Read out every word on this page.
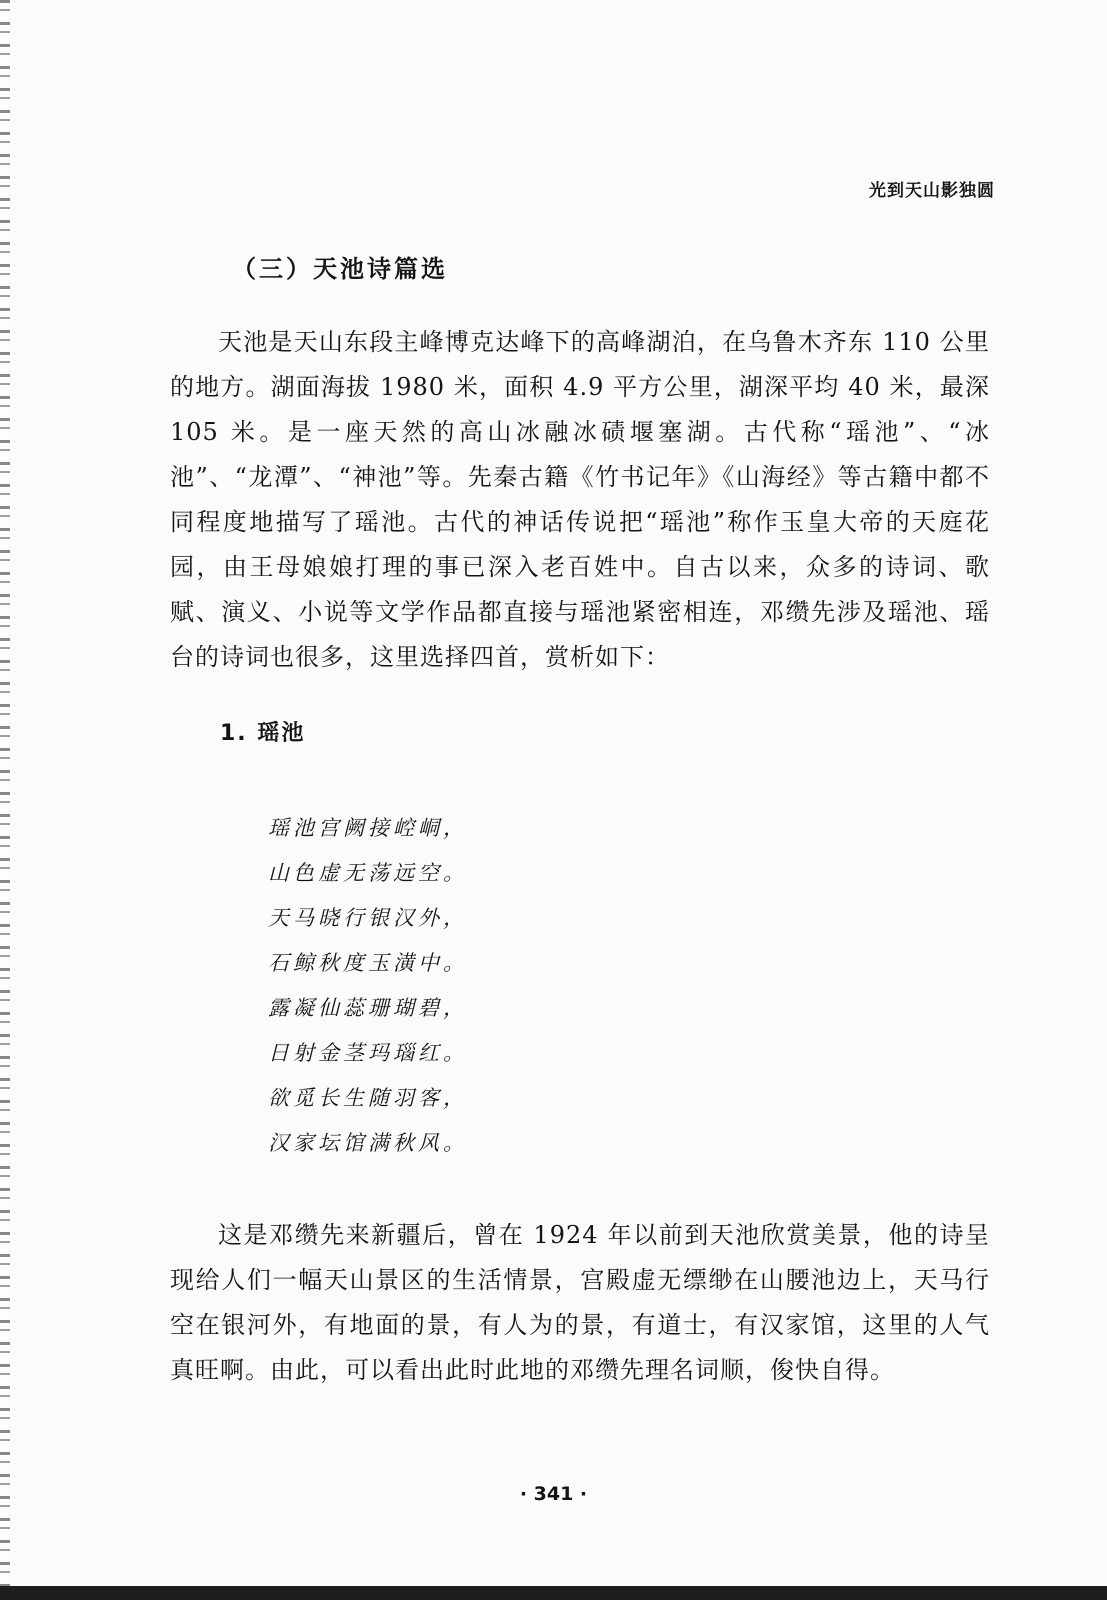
光到天山影独圆
（三）天池诗篇选

天池是天山东段主峰博克达峰下的高峰湖泊，在乌鲁木齐东 110 公里的地方。湖面海拔 1980 米，面积 4.9 平方公里，湖深平均 40 米，最深 105 米。是一座天然的高山冰融冰碛堰塞湖。古代称“瑶池”、“冰池”、“龙潭”、“神池”等。先秦古籍《竹书记年》《山海经》等古籍中都不同程度地描写了瑶池。古代的神话传说把“瑶池”称作玉皇大帝的天庭花园，由王母娘娘打理的事已深入老百姓中。自古以来，众多的诗词、歌赋、演义、小说等文学作品都直接与瑶池紧密相连，邓缵先涉及瑶池、瑶台的诗词也很多，这里选择四首，赏析如下：

1. 瑶池
瑶池宫阙接崆峒，
山色虚无荡远空。
天马晓行银汉外，
石鲸秋度玉潢中。
露凝仙蕊珊瑚碧，
日射金茎玛瑙红。
欲觅长生随羽客，
汉家坛馆满秋风。

这是邓缵先来新疆后，曾在 1924 年以前到天池欣赏美景，他的诗呈现给人们一幅天山景区的生活情景，宫殿虚无缥缈在山腰池边上，天马行空在银河外，有地面的景，有人为的景，有道士，有汉家馆，这里的人气真旺啊。由此，可以看出此时此地的邓缵先理名词顺，俊快自得。

· 341 ·
